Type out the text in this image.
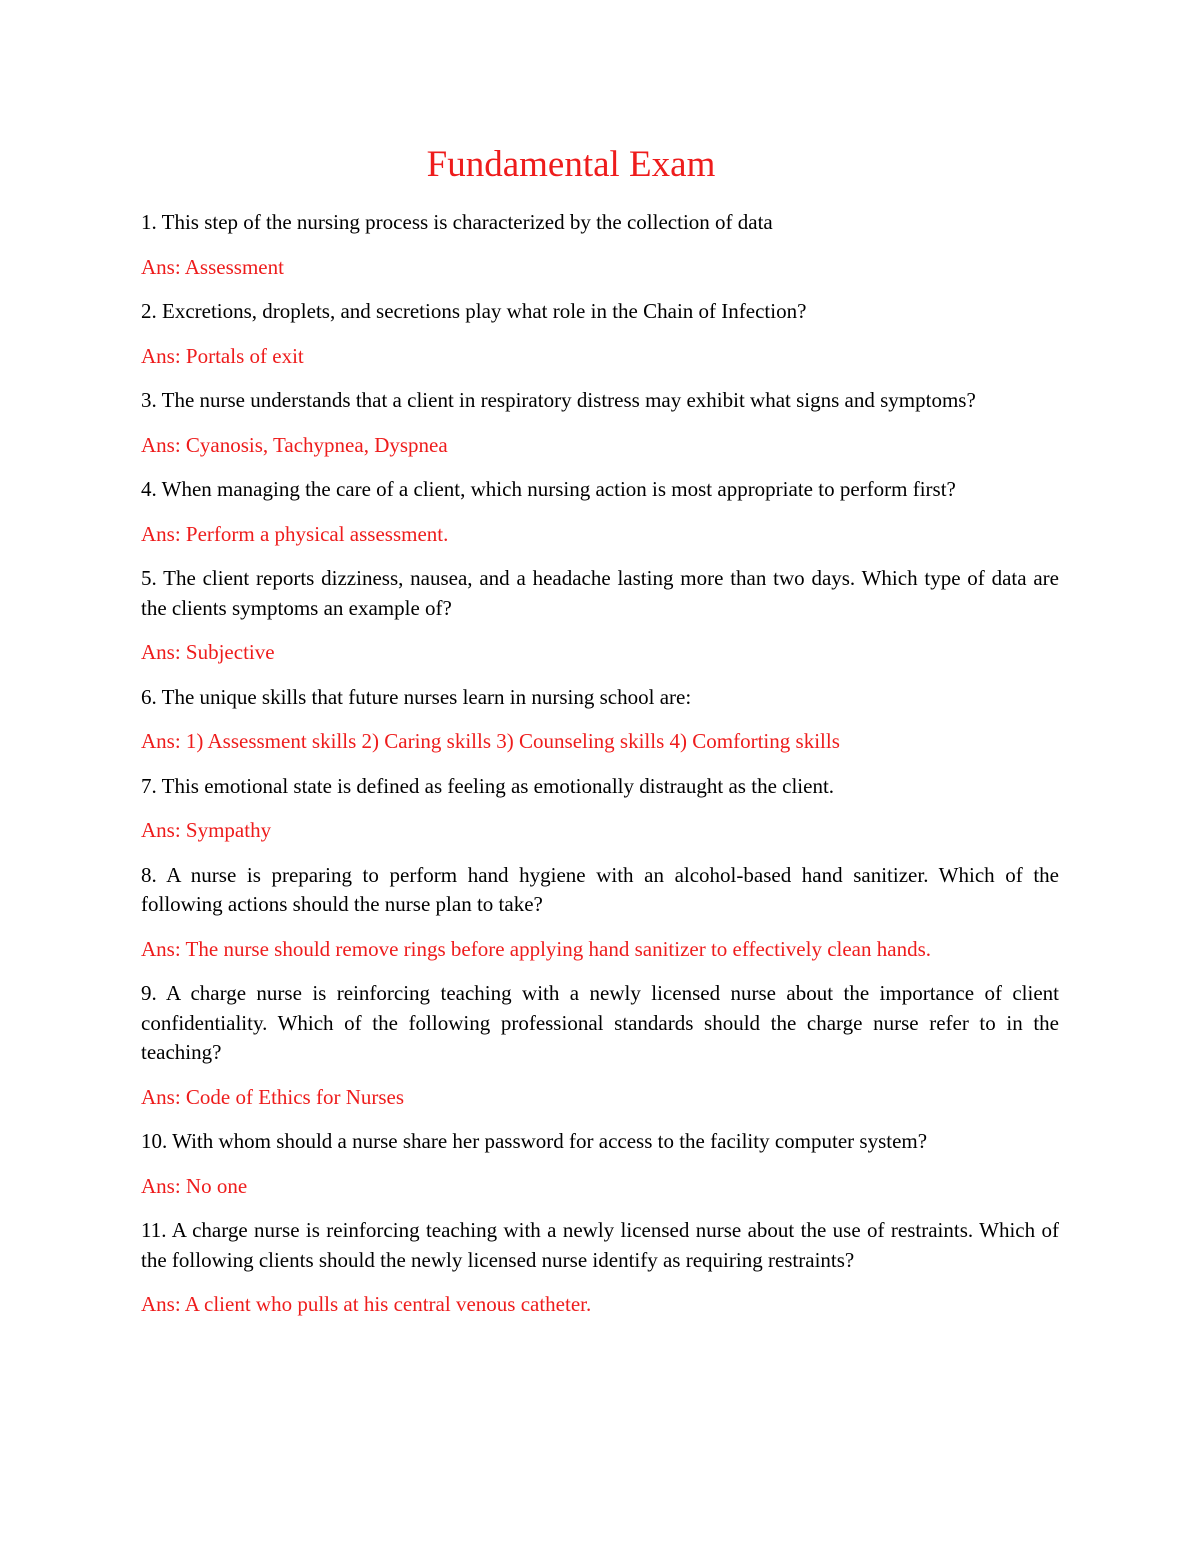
Fundamental Exam

1. This step of the nursing process is characterized by the collection of data

Ans: Assessment

2. Excretions, droplets, and secretions play what role in the Chain of Infection?

Ans: Portals of exit

3. The nurse understands that a client in respiratory distress may exhibit what signs and symptoms?

Ans: Cyanosis, Tachypnea, Dyspnea

4. When managing the care of a client, which nursing action is most appropriate to perform first?

Ans: Perform a physical assessment.

5. The client reports dizziness, nausea, and a headache lasting more than two days. Which type of data are the clients symptoms an example of?

Ans: Subjective

6. The unique skills that future nurses learn in nursing school are:

Ans: 1) Assessment skills 2) Caring skills 3) Counseling skills 4) Comforting skills

7. This emotional state is defined as feeling as emotionally distraught as the client.

Ans: Sympathy

8. A nurse is preparing to perform hand hygiene with an alcohol-based hand sanitizer. Which of the following actions should the nurse plan to take?

Ans: The nurse should remove rings before applying hand sanitizer to effectively clean hands.

9. A charge nurse is reinforcing teaching with a newly licensed nurse about the importance of client confidentiality. Which of the following professional standards should the charge nurse refer to in the teaching?

Ans: Code of Ethics for Nurses

10. With whom should a nurse share her password for access to the facility computer system?

Ans: No one

11. A charge nurse is reinforcing teaching with a newly licensed nurse about the use of restraints. Which of the following clients should the newly licensed nurse identify as requiring restraints?

Ans: A client who pulls at his central venous catheter.
